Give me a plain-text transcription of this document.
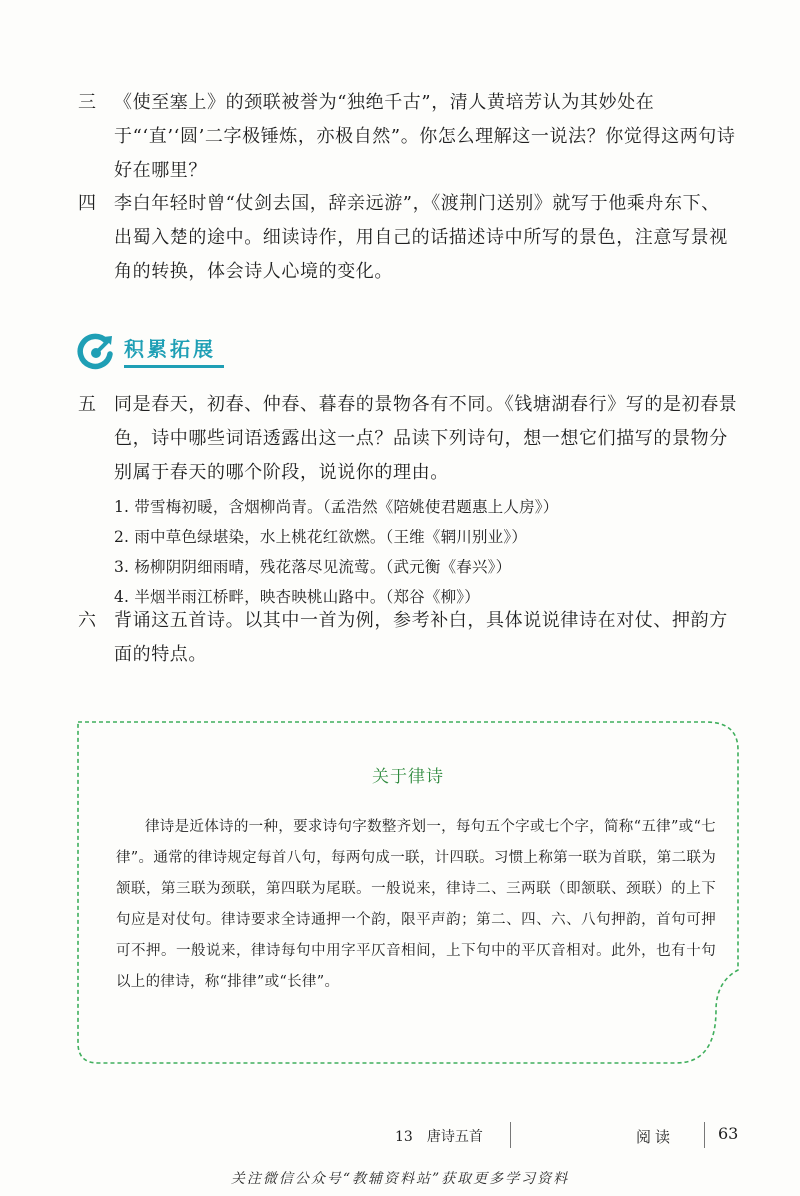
三 《使至塞上》的颈联被誉为“独绝千古”，清人黄培芳认为其妙处在于“‘直’‘圆’二字极锤炼，亦极自然”。你怎么理解这一说法？你觉得这两句诗好在哪里？
四 李白年轻时曾“仗剑去国，辞亲远游”，《渡荆门送别》就写于他乘舟东下、出蜀入楚的途中。细读诗作，用自己的话描述诗中所写的景色，注意写景视角的转换，体会诗人心境的变化。
积累拓展
五 同是春天，初春、仲春、暮春的景物各有不同。《钱塘湖春行》写的是初春景色，诗中哪些词语透露出这一点？品读下列诗句，想一想它们描写的景物分别属于春天的哪个阶段，说说你的理由。
1. 带雪梅初暖，含烟柳尚青。（孟浩然《陪姚使君题惠上人房》）
2. 雨中草色绿堪染，水上桃花红欲燃。（王维《辋川别业》）
3. 杨柳阴阴细雨晴，残花落尽见流莺。（武元衡《春兴》）
4. 半烟半雨江桥畔，映杏映桃山路中。（郑谷《柳》）
六 背诵这五首诗。以其中一首为例，参考补白，具体说说律诗在对仗、押韵方面的特点。
关于律诗
律诗是近体诗的一种，要求诗句字数整齐划一，每句五个字或七个字，简称“五律”或“七律”。通常的律诗规定每首八句，每两句成一联，计四联。习惯上称第一联为首联，第二联为颔联，第三联为颈联，第四联为尾联。一般说来，律诗二、三两联（即颔联、颈联）的上下句应是对仗句。律诗要求全诗通押一个韵，限平声韵；第二、四、六、八句押韵，首句可押可不押。一般说来，律诗每句中用字平仄音相间，上下句中的平仄音相对。此外，也有十句以上的律诗，称“排律”或“长律”。
13　唐诗五首	阅读	63
关注微信公众号“教辅资料站”获取更多学习资料
